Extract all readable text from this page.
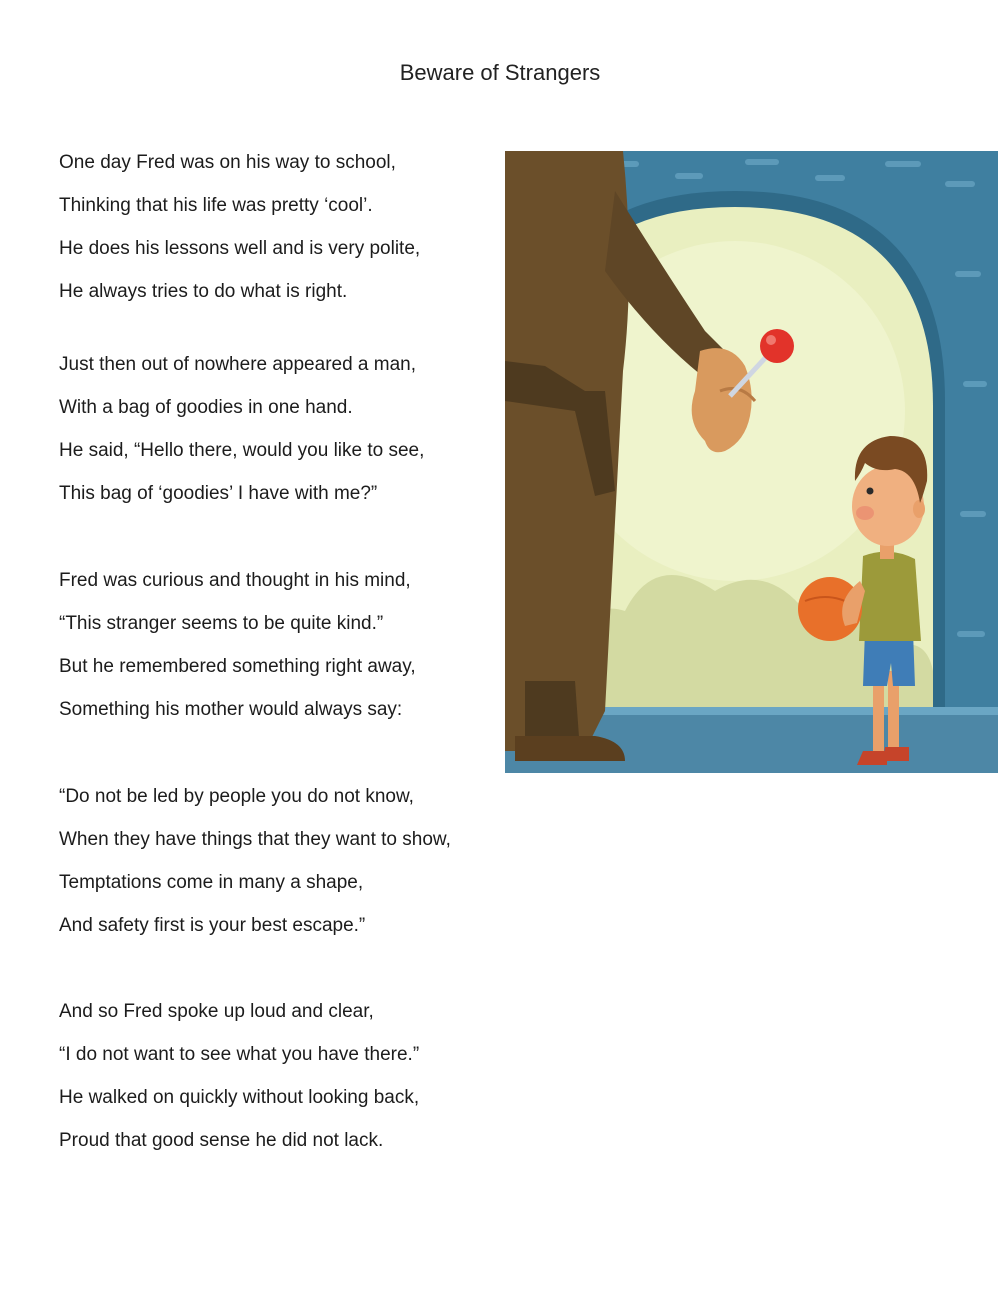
Beware of Strangers
One day Fred was on his way to school,
Thinking that his life was pretty ‘cool’.
He does his lessons well and is very polite,
He always tries to do what is right.
Just then out of nowhere appeared a man,
With a bag of goodies in one hand.
He said, “Hello there, would you like to see,
This bag of ‘goodies’ I have with me?”
Fred was curious and thought in his mind,
“This stranger seems to be quite kind.”
But he remembered something right away,
Something his mother would always say:
“Do not be led by people you do not know,
When they have things that they want to show,
Temptations come in many a shape,
And safety first is your best escape.”
And so Fred spoke up loud and clear,
“I do not want to see what you have there.”
He walked on quickly without looking back,
Proud that good sense he did not lack.
